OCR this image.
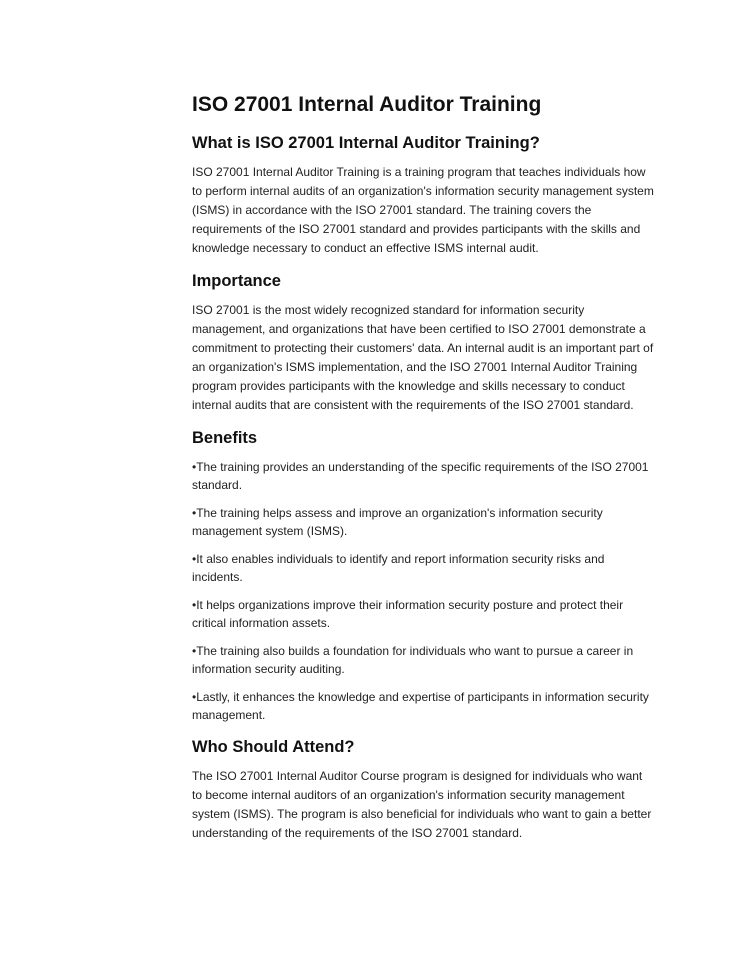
ISO 27001 Internal Auditor Training
What is ISO 27001 Internal Auditor Training?

ISO 27001 Internal Auditor Training is a training program that teaches individuals how to perform internal audits of an organization's information security management system (ISMS) in accordance with the ISO 27001 standard. The training covers the requirements of the ISO 27001 standard and provides participants with the skills and knowledge necessary to conduct an effective ISMS internal audit.

Importance

ISO 27001 is the most widely recognized standard for information security management, and organizations that have been certified to ISO 27001 demonstrate a commitment to protecting their customers' data. An internal audit is an important part of an organization's ISMS implementation, and the ISO 27001 Internal Auditor Training program provides participants with the knowledge and skills necessary to conduct internal audits that are consistent with the requirements of the ISO 27001 standard.

Benefits
•The training provides an understanding of the specific requirements of the ISO 27001 standard.
•The training helps assess and improve an organization's information security management system (ISMS).
•It also enables individuals to identify and report information security risks and incidents.
•It helps organizations improve their information security posture and protect their critical information assets.
•The training also builds a foundation for individuals who want to pursue a career in information security auditing.
•Lastly, it enhances the knowledge and expertise of participants in information security management.
Who Should Attend?

The ISO 27001 Internal Auditor Course program is designed for individuals who want to become internal auditors of an organization's information security management system (ISMS). The program is also beneficial for individuals who want to gain a better understanding of the requirements of the ISO 27001 standard.
